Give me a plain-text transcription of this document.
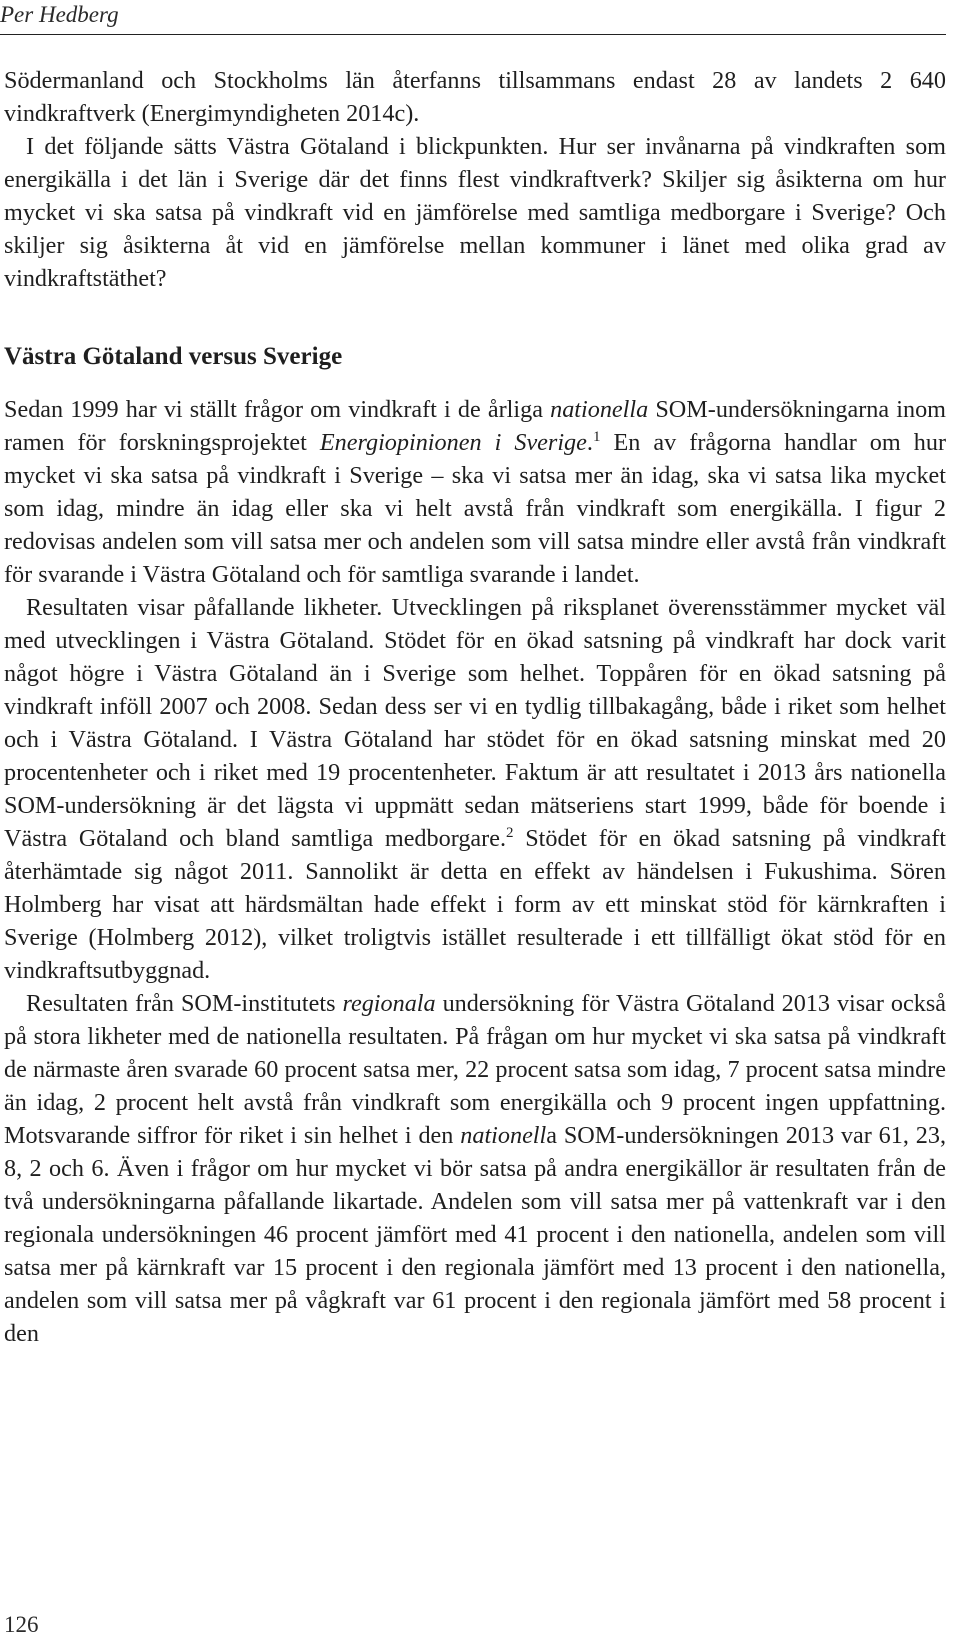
Per Hedberg

Södermanland och Stockholms län återfanns tillsammans endast 28 av landets 2 640 vindkraftverk (Energimyndigheten 2014c).

I det följande sätts Västra Götaland i blickpunkten. Hur ser invånarna på vindkraften som energikälla i det län i Sverige där det finns flest vindkraftverk? Skiljer sig åsikterna om hur mycket vi ska satsa på vindkraft vid en jämförelse med samtliga medborgare i Sverige? Och skiljer sig åsikterna åt vid en jämförelse mellan kommuner i länet med olika grad av vindkraftstäthet?

Västra Götaland versus Sverige

Sedan 1999 har vi ställt frågor om vindkraft i de årliga nationella SOM-undersökningarna inom ramen för forskningsprojektet Energiopinionen i Sverige.$^1$ En av frågorna handlar om hur mycket vi ska satsa på vindkraft i Sverige – ska vi satsa mer än idag, ska vi satsa lika mycket som idag, mindre än idag eller ska vi helt avstå från vindkraft som energikälla. I figur 2 redovisas andelen som vill satsa mer och andelen som vill satsa mindre eller avstå från vindkraft för svarande i Västra Götaland och för samtliga svarande i landet.

Resultaten visar påfallande likheter. Utvecklingen på riksplanet överensstämmer mycket väl med utvecklingen i Västra Götaland. Stödet för en ökad satsning på vindkraft har dock varit något högre i Västra Götaland än i Sverige som helhet. Toppåren för en ökad satsning på vindkraft inföll 2007 och 2008. Sedan dess ser vi en tydlig tillbakagång, både i riket som helhet och i Västra Götaland. I Västra Götaland har stödet för en ökad satsning minskat med 20 procentenheter och i riket med 19 procentenheter. Faktum är att resultatet i 2013 års nationella SOM-undersökning är det lägsta vi uppmätt sedan mätseriens start 1999, både för boende i Västra Götaland och bland samtliga medborgare.$^2$ Stödet för en ökad satsning på vindkraft återhämtade sig något 2011. Sannolikt är detta en effekt av händelsen i Fukushima. Sören Holmberg har visat att härdsmältan hade effekt i form av ett minskat stöd för kärnkraften i Sverige (Holmberg 2012), vilket troligtvis istället resulterade i ett tillfälligt ökat stöd för en vindkraftsutbyggnad.

Resultaten från SOM-institutets regionala undersökning för Västra Götaland 2013 visar också på stora likheter med de nationella resultaten. På frågan om hur mycket vi ska satsa på vindkraft de närmaste åren svarade 60 procent satsa mer, 22 procent satsa som idag, 7 procent satsa mindre än idag, 2 procent helt avstå från vindkraft som energikälla och 9 procent ingen uppfattning. Motsvarande siffror för riket i sin helhet i den nationella SOM-undersökningen 2013 var 61, 23, 8, 2 och 6. Även i frågor om hur mycket vi bör satsa på andra energikällor är resultaten från de två undersökningarna påfallande likartade. Andelen som vill satsa mer på vattenkraft var i den regionala undersökningen 46 procent jämfört med 41 procent i den nationella, andelen som vill satsa mer på kärnkraft var 15 procent i den regionala jämfört med 13 procent i den nationella, andelen som vill satsa mer på vågkraft var 61 procent i den regionala jämfört med 58 procent i den

126
